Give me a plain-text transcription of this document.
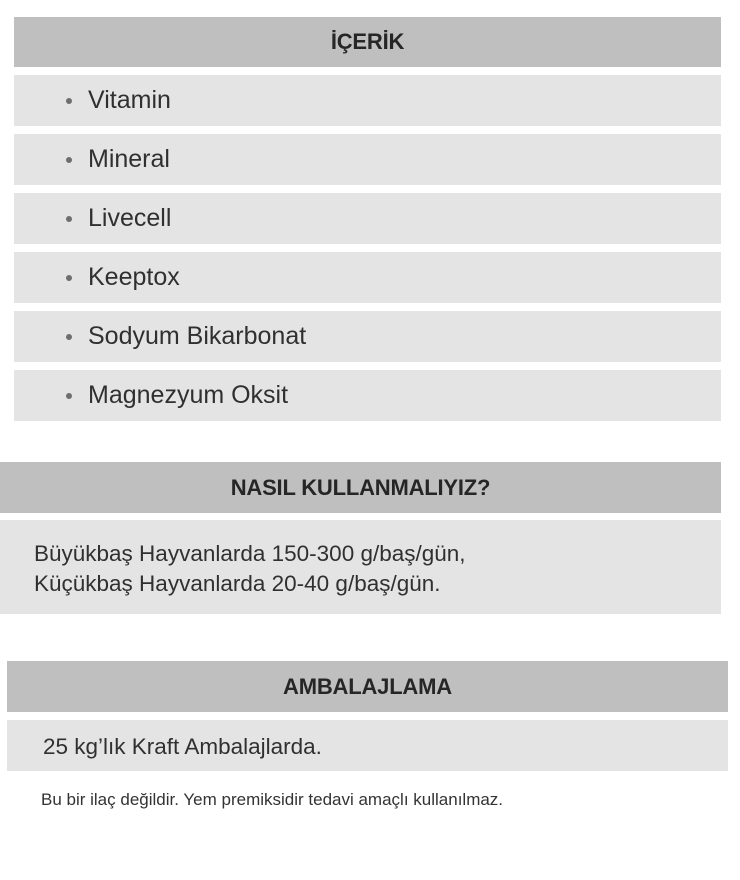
İÇERİK
Vitamin
Mineral
Livecell
Keeptox
Sodyum Bikarbonat
Magnezyum Oksit
NASIL KULLANMALIYIZ?
Büyükbaş Hayvanlarda 150-300 g/baş/gün,
Küçükbaş Hayvanlarda 20-40 g/baş/gün.
AMBALAJLAMA
25 kg’lık Kraft Ambalajlarda.
Bu bir ilaç değildir. Yem premiksidir tedavi amaçlı kullanılmaz.
